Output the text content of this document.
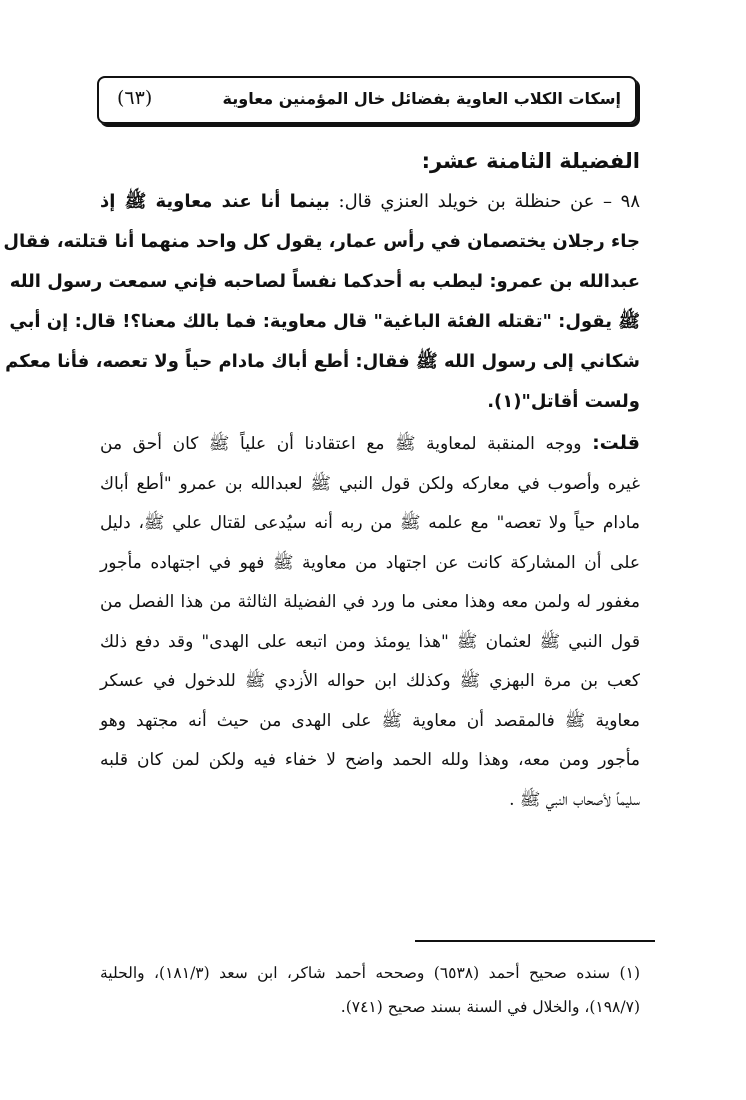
إسكات الكلاب العاوية بفضائل خال المؤمنين معاوية
(٦٣)
الفضيلة الثامنة عشر:
٩٨ – عن حنظلة بن خويلد العنزي قال: بينما أنا عند معاوية ﷺ إذ
جاء رجلان يختصمان في رأس عمار، يقول كل واحد منهما أنا قتلته، فقال
عبدالله بن عمرو: ليطب به أحدكما نفساً لصاحبه فإني سمعت رسول الله
ﷺ يقول: "تقتله الفئة الباغية" قال معاوية: فما بالك معنا؟! قال: إن أبي
شكاني إلى رسول الله ﷺ فقال: أطع أباك مادام حياً ولا تعصه، فأنا معكم
ولست أقاتل"(١).
قلت: ووجه المنقبة لمعاوية ﷺ مع اعتقادنا أن علياً ﷺ كان أحق من
غيره وأصوب في معاركه ولكن قول النبي ﷺ لعبدالله بن عمرو "أطع أباك
مادام حياً ولا تعصه" مع علمه ﷺ من ربه أنه سيُدعى لقتال علي ﷺ، دليل
على أن المشاركة كانت عن اجتهاد من معاوية ﷺ فهو في اجتهاده مأجور
مغفور له ولمن معه وهذا معنى ما ورد في الفضيلة الثالثة من هذا الفصل من
قول النبي ﷺ لعثمان ﷺ "هذا يومئذ ومن اتبعه على الهدى" وقد دفع ذلك
كعب بن مرة البهزي ﷺ وكذلك ابن حواله الأزدي ﷺ للدخول في عسكر
معاوية ﷺ فالمقصد أن معاوية ﷺ على الهدى من حيث أنه مجتهد وهو
مأجور ومن معه، وهذا ولله الحمد واضح لا خفاء فيه ولكن لمن كان قلبه
سليماً لأصحاب النبي ﷺ .
(١) سنده صحيح أحمد (٦٥٣٨) وصححه أحمد شاكر، ابن سعد (١٨١/٣)، والحلية
(١٩٨/٧)، والخلال في السنة بسند صحيح (٧٤١).
